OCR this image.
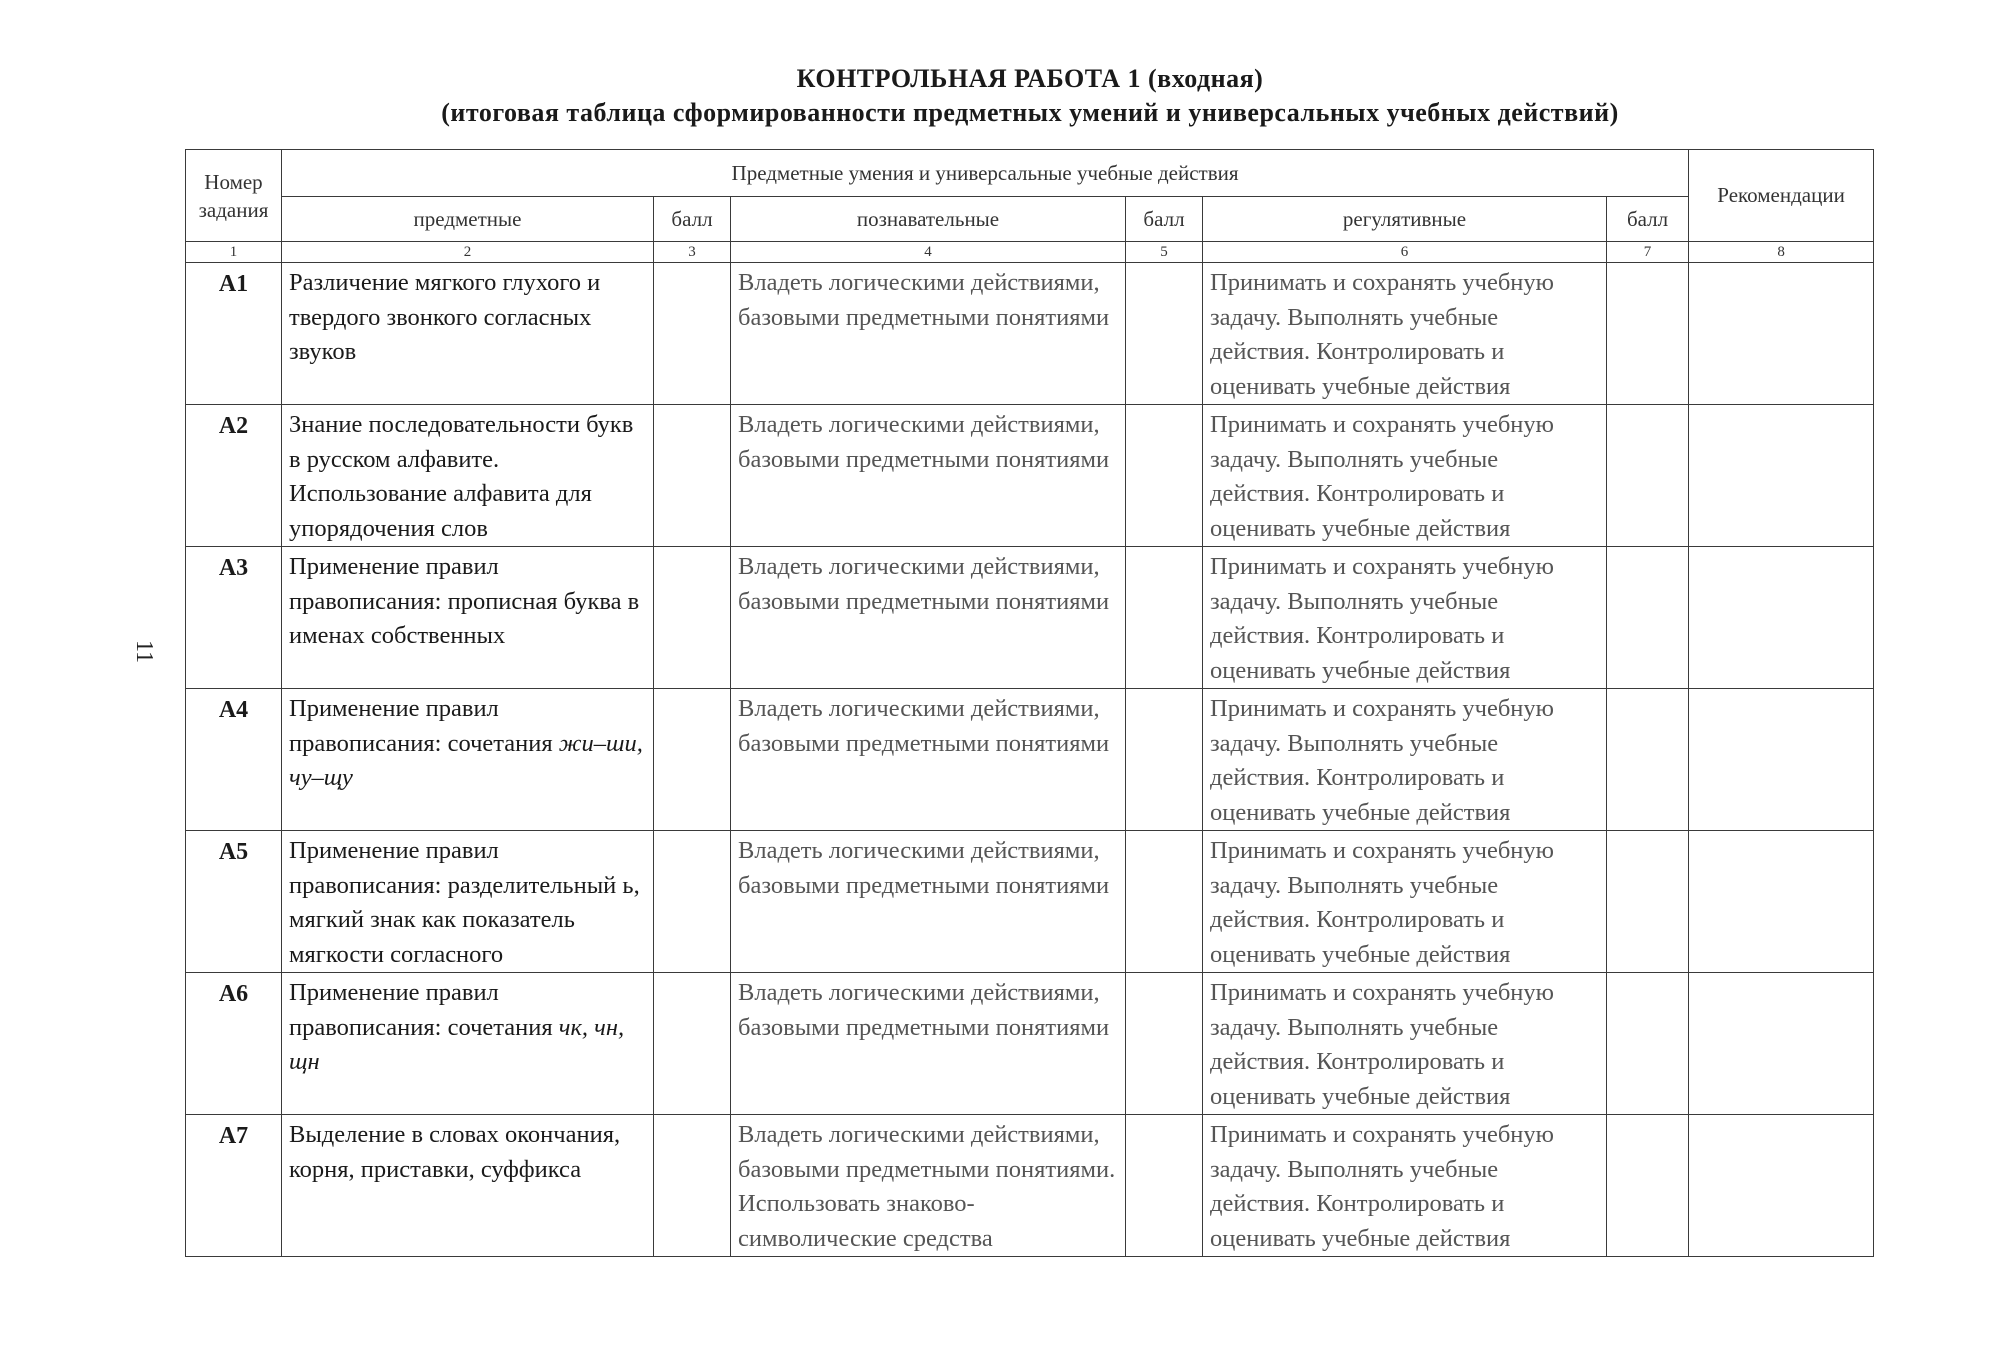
КОНТРОЛЬНАЯ РАБОТА 1 (входная)
(итоговая таблица сформированности предметных умений и универсальных учебных действий)
11
Номер задания	Предметные умения и универсальные учебные действия						Рекомендации
	предметные	балл	познавательные	балл	регулятивные	балл	
1	2	3	4	5	6	7	8
А1	Различение мягкого глухого и твердого звонкого согласных звуков		Владеть логическими действиями, базовыми предметными понятиями		Принимать и сохранять учебную задачу. Выполнять учебные действия. Контролировать и оценивать учебные действия		
А2	Знание последовательности букв в русском алфавите. Использование алфавита для упорядочения слов		Владеть логическими действиями, базовыми предметными понятиями		Принимать и сохранять учебную задачу. Выполнять учебные действия. Контролировать и оценивать учебные действия		
А3	Применение правил правописания: прописная буква в именах собственных		Владеть логическими действиями, базовыми предметными понятиями		Принимать и сохранять учебную задачу. Выполнять учебные действия. Контролировать и оценивать учебные действия		
А4	Применение правил правописания: сочетания жи–ши, чу–щу		Владеть логическими действиями, базовыми предметными понятиями		Принимать и сохранять учебную задачу. Выполнять учебные действия. Контролировать и оценивать учебные действия		
А5	Применение правил правописания: разделительный ь, мягкий знак как показатель мягкости согласного		Владеть логическими действиями, базовыми предметными понятиями		Принимать и сохранять учебную задачу. Выполнять учебные действия. Контролировать и оценивать учебные действия		
А6	Применение правил правописания: сочетания чк, чн, щн		Владеть логическими действиями, базовыми предметными понятиями		Принимать и сохранять учебную задачу. Выполнять учебные действия. Контролировать и оценивать учебные действия		
А7	Выделение в словах окончания, корня, приставки, суффикса		Владеть логическими действиями, базовыми предметными понятиями. Использовать знаково-символические средства		Принимать и сохранять учебную задачу. Выполнять учебные действия. Контролировать и оценивать учебные действия		
